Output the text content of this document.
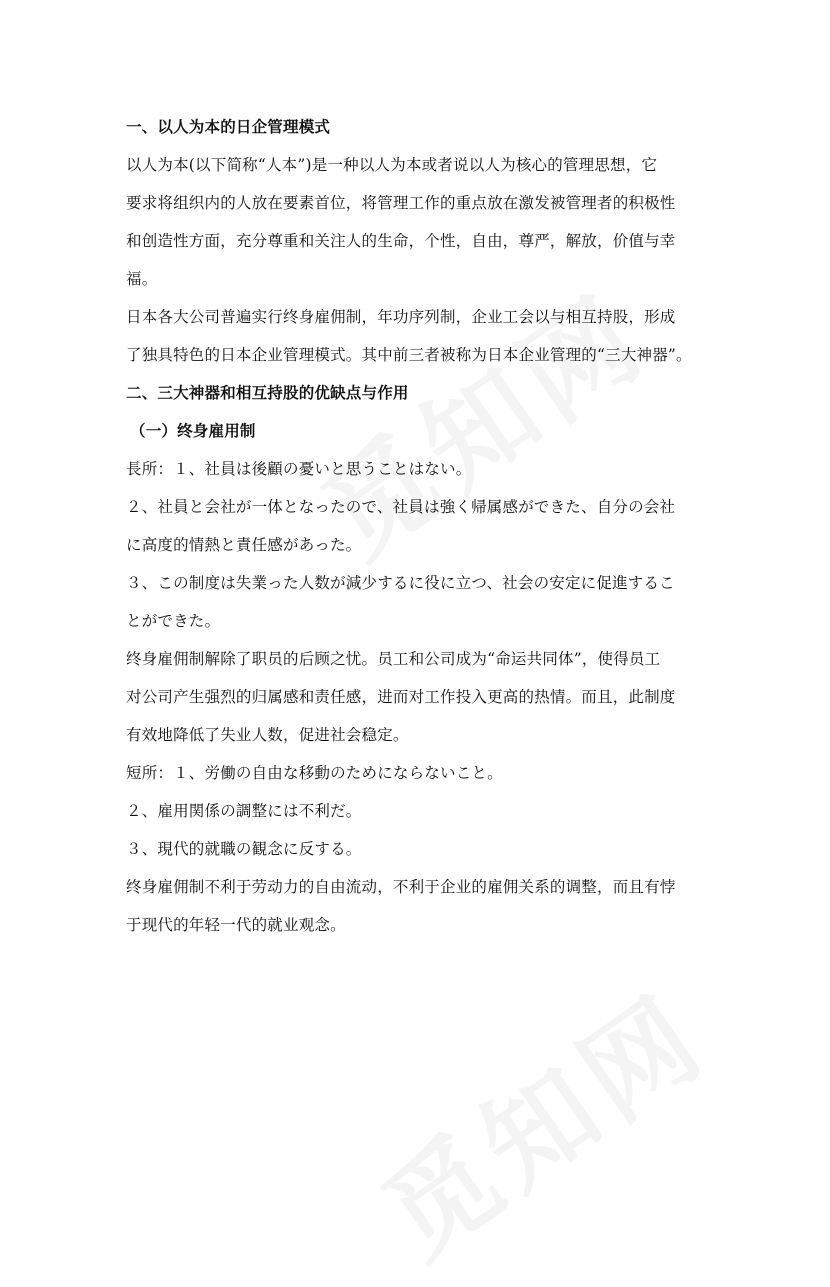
一、以人为本的日企管理模式
以人为本(以下简称“人本”)是一种以人为本或者说以人为核心的管理思想，它
要求将组织内的人放在要素首位，将管理工作的重点放在激发被管理者的积极性
和创造性方面，充分尊重和关注人的生命，个性，自由，尊严，解放，价值与幸
福。
日本各大公司普遍实行终身雇佣制，年功序列制，企业工会以与相互持股，形成
了独具特色的日本企业管理模式。其中前三者被称为日本企业管理的“三大神器”。
二、三大神器和相互持股的优缺点与作用
（一）终身雇用制
長所：１、社員は後顧の憂いと思うことはない。
２、社員と会社が一体となったので、社員は強く帰属感ができた、自分の会社
に高度的情熱と責任感があった。
３、この制度は失業った人数が減少するに役に立つ、社会の安定に促進するこ
とができた。
终身雇佣制解除了职员的后顾之忧。员工和公司成为“命运共同体”，使得员工
对公司产生强烈的归属感和责任感，进而对工作投入更高的热情。而且，此制度
有效地降低了失业人数，促进社会稳定。
短所：１、労働の自由な移動のためにならないこと。
２、雇用関係の調整には不利だ。
３、現代的就職の観念に反する。
终身雇佣制不利于劳动力的自由流动，不利于企业的雇佣关系的调整，而且有悖
于现代的年轻一代的就业观念。
